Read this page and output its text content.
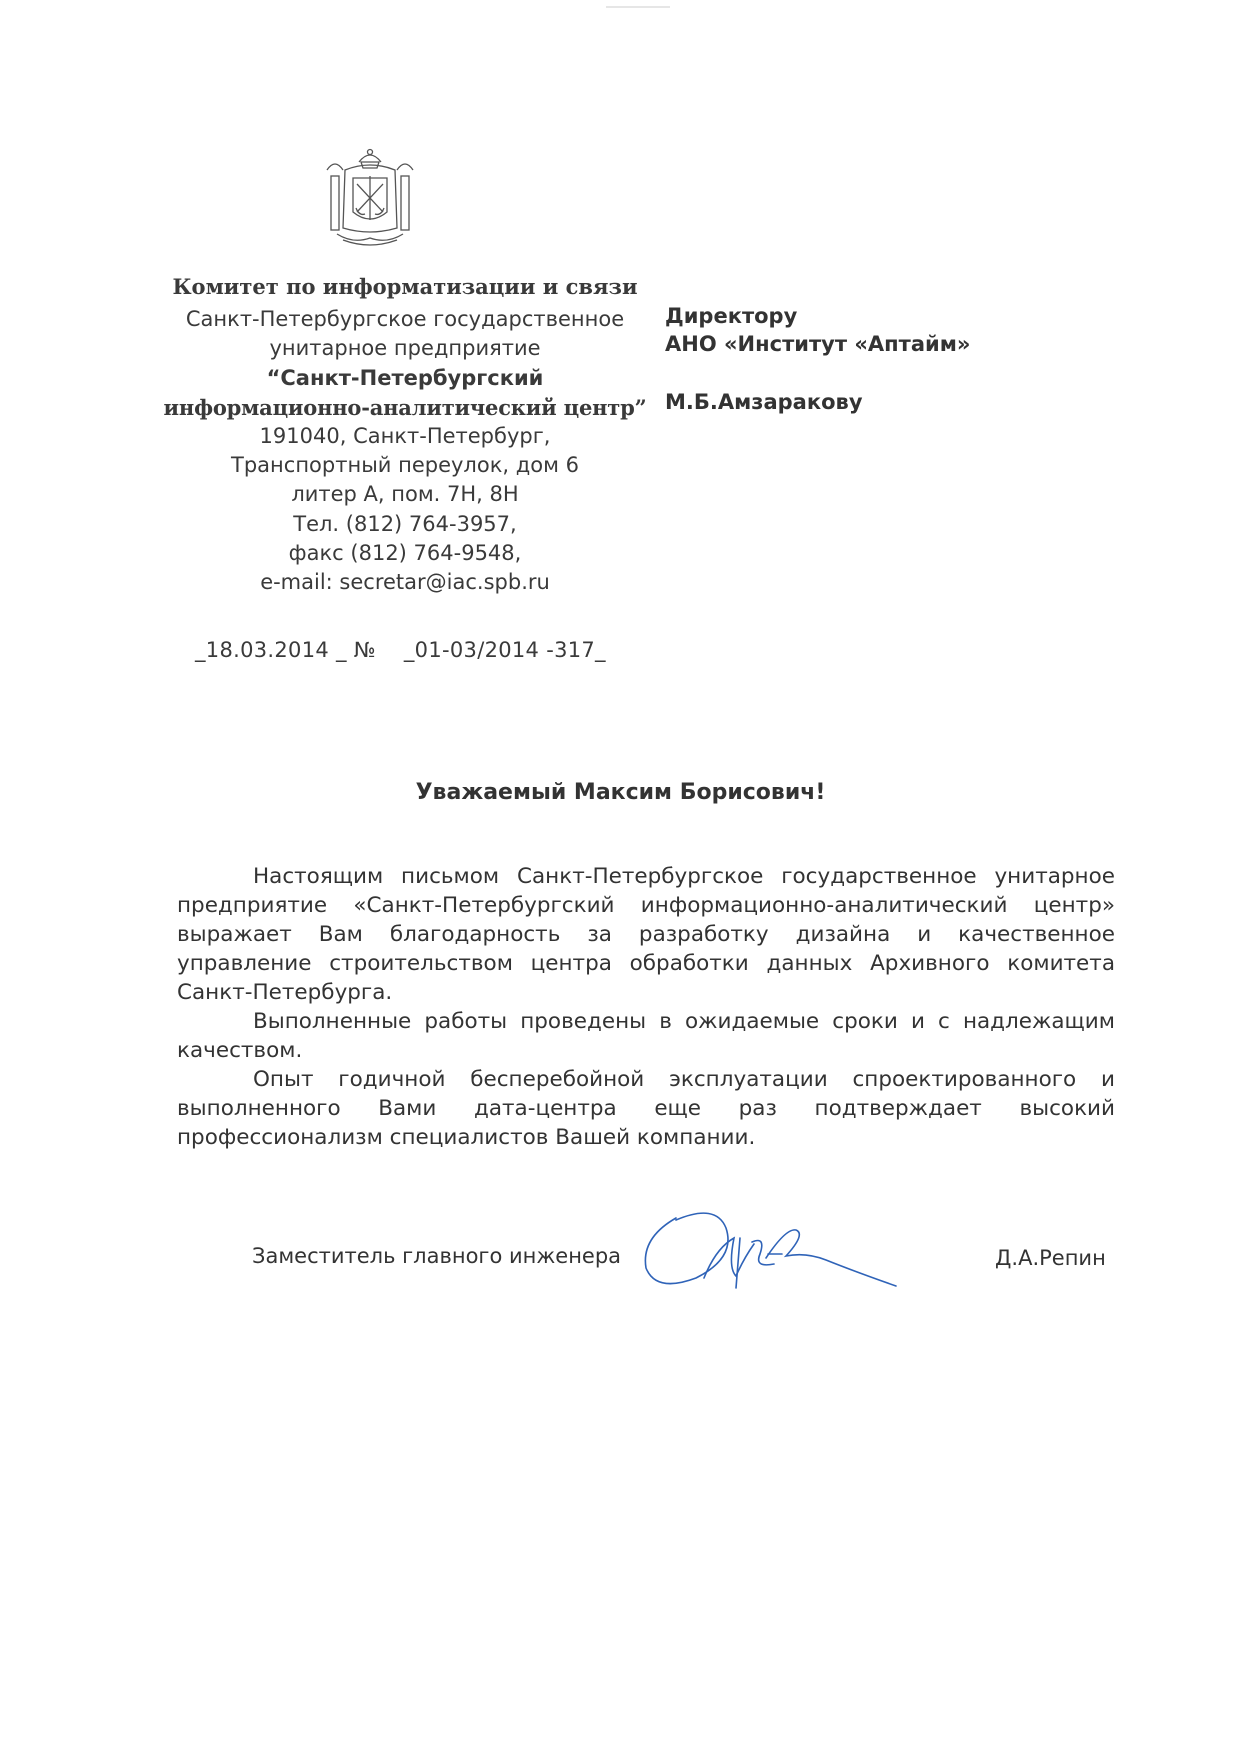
Комитет по информатизации и связи
Санкт-Петербургское государственное
унитарное предприятие
“Санкт-Петербургский
информационно-аналитический центр”
191040, Санкт-Петербург,
Транспортный переулок, дом 6
литер А, пом. 7Н, 8Н
Тел. (812) 764-3957,
факс (812) 764-9548,
e-mail: secretar@iac.spb.ru
Директору
АНО «Институт «Аптайм»
М.Б.Амзаракову
_18.03.2014 _ № _01-03/2014 -317_
Уважаемый Максим Борисович!

Настоящим письмом Санкт-Петербургское государственное унитарное предприятие «Санкт-Петербургский информационно-аналитический центр» выражает Вам благодарность за разработку дизайна и качественное управление строительством центра обработки данных Архивного комитета Санкт-Петербурга.

Выполненные работы проведены в ожидаемые сроки и с надлежащим качеством.

Опыт годичной бесперебойной эксплуатации спроектированного и выполненного Вами дата-центра еще раз подтверждает высокий профессионализм специалистов Вашей компании.

Заместитель главного инженера	Д.А.Репин
